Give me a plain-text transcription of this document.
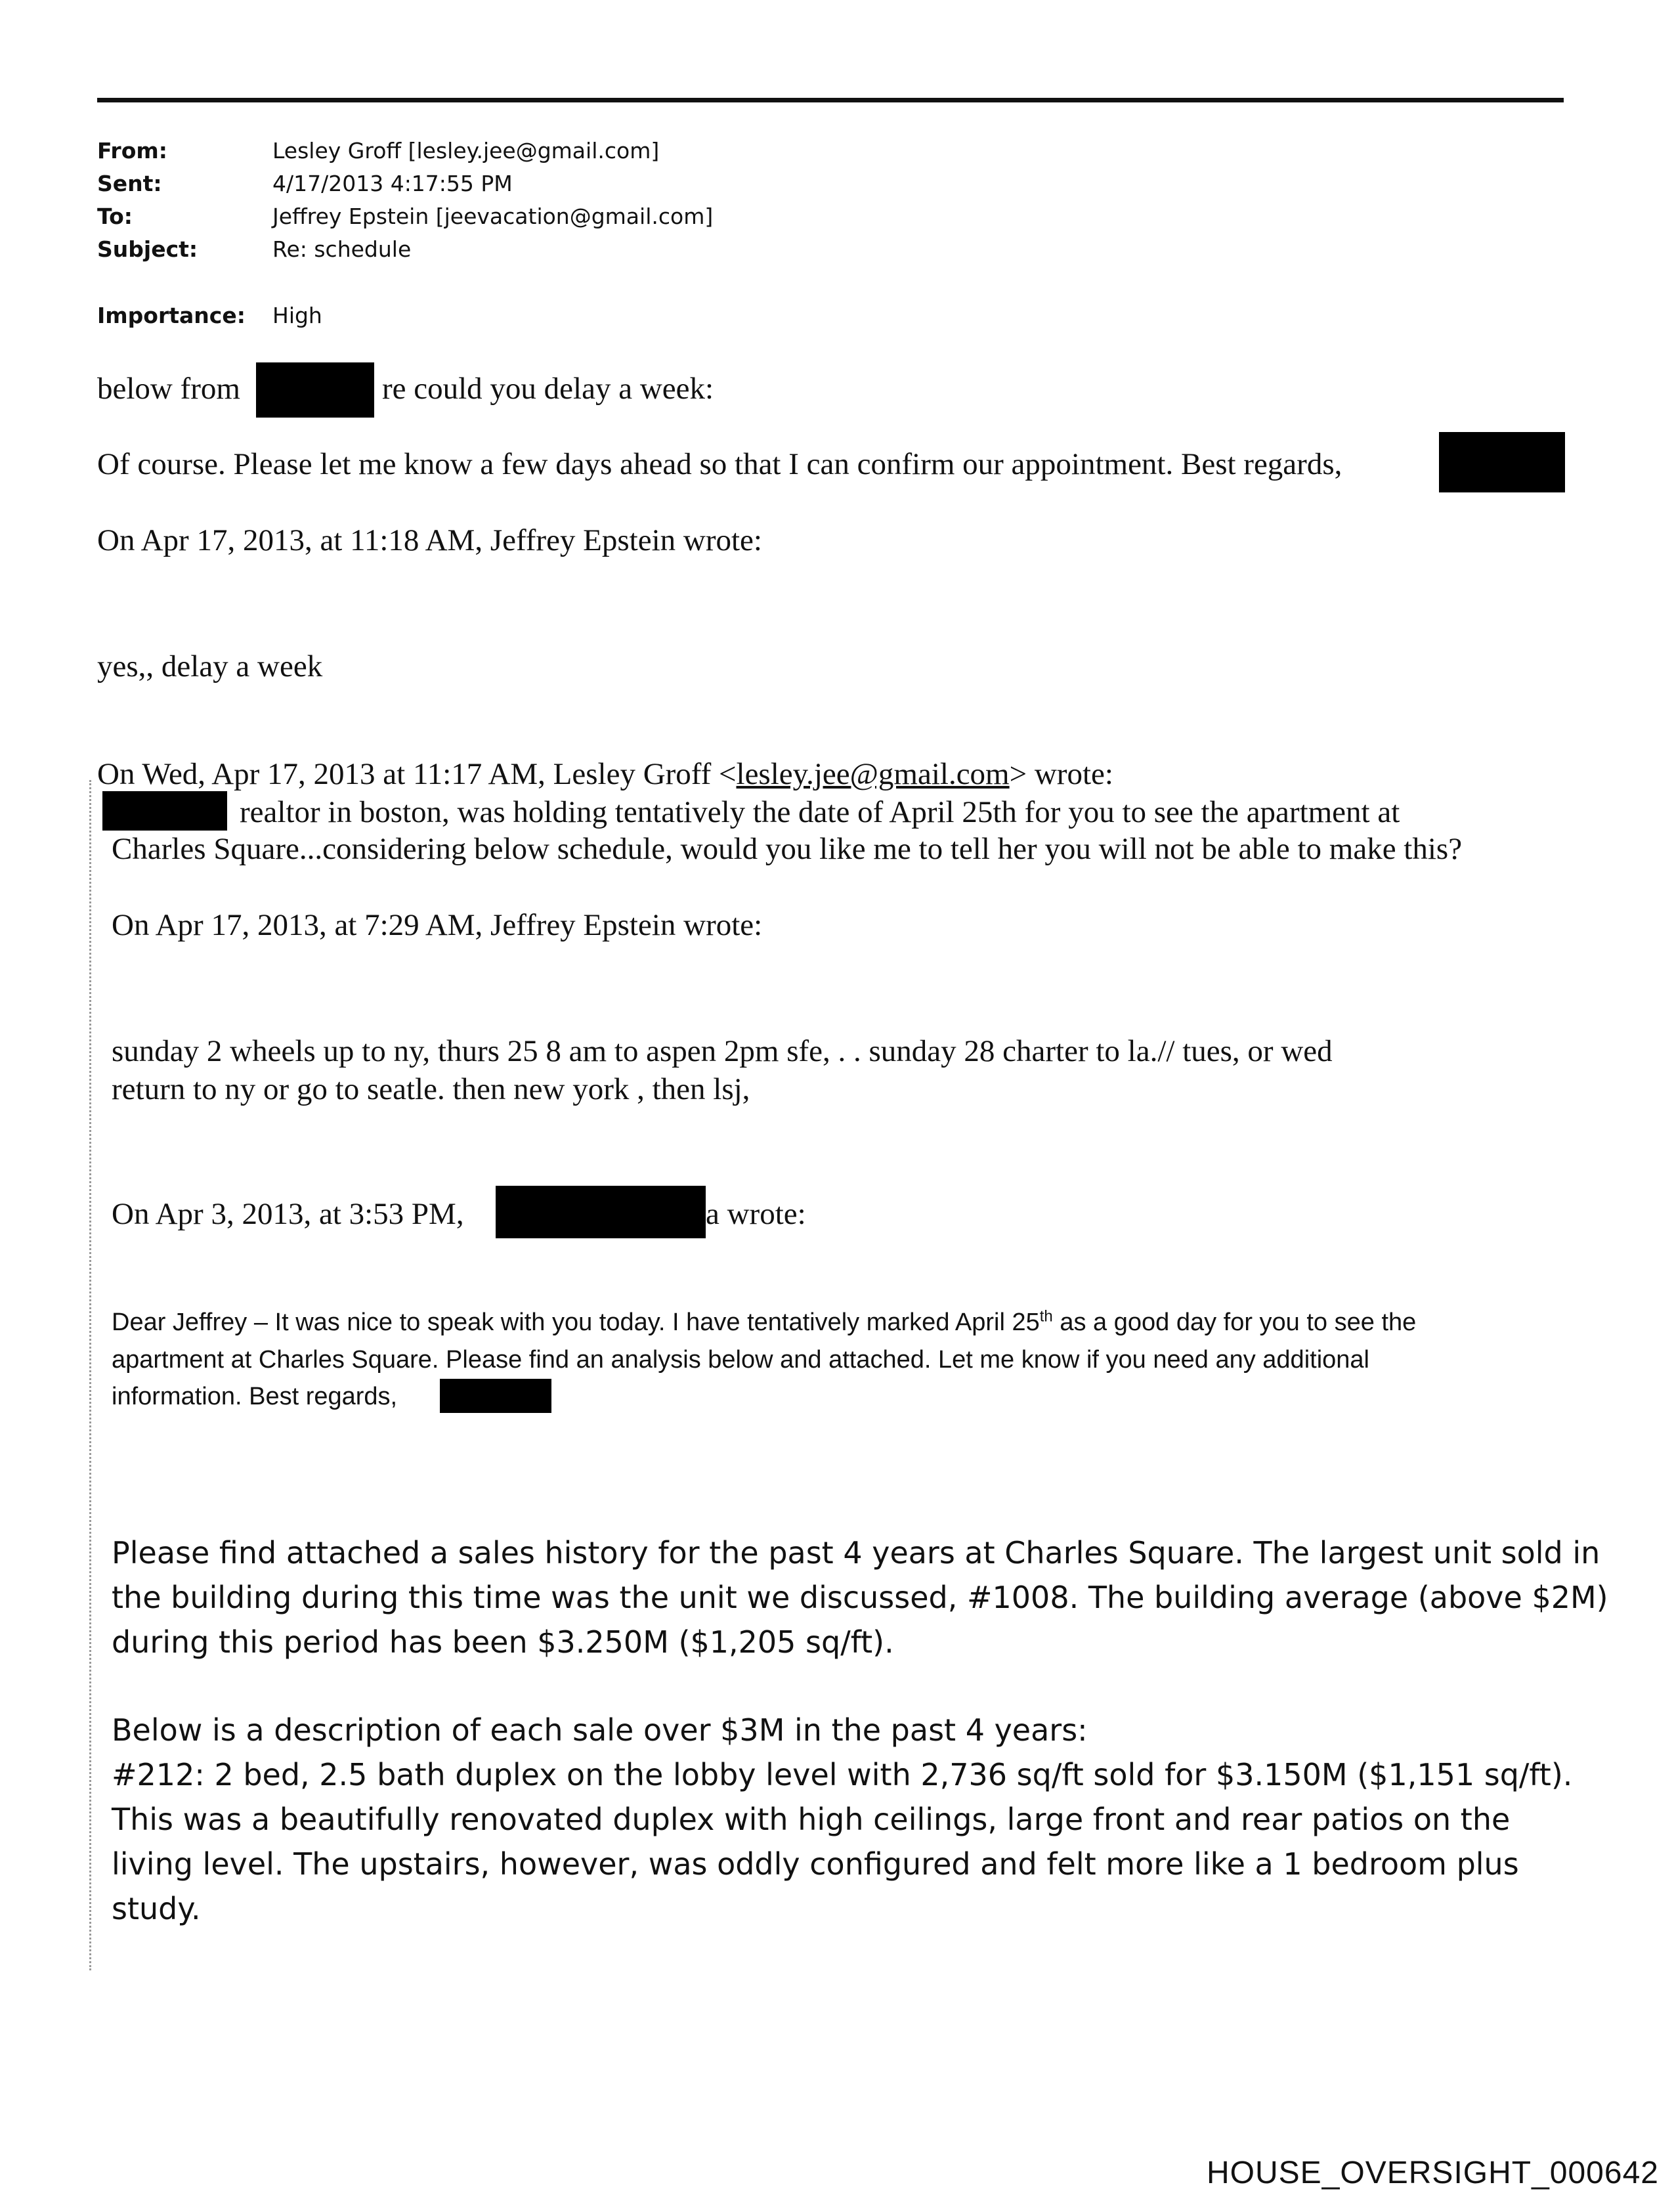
From:	Lesley Groff [lesley.jee@gmail.com]
Sent:	4/17/2013 4:17:55 PM
To:	Jeffrey Epstein [jeevacation@gmail.com]
Subject:	Re: schedule
Importance: High
below from	re could you delay a week:
Of course. Please let me know a few days ahead so that I can confirm our appointment. Best regards,
On Apr 17, 2013, at 11:18 AM, Jeffrey Epstein wrote:
yes,, delay a week
On Wed, Apr 17, 2013 at 11:17 AM, Lesley Groff <lesley.jee@gmail.com> wrote:
realtor in boston, was holding tentatively the date of April 25th for you to see the apartment at
Charles Square...considering below schedule, would you like me to tell her you will not be able to make this?
On Apr 17, 2013, at 7:29 AM, Jeffrey Epstein wrote:
sunday 2 wheels up to ny, thurs 25 8 am to aspen 2pm sfe, . . sunday 28 charter to la.// tues, or wed
return to ny or go to seatle. then new york , then lsj,
On Apr 3, 2013, at 3:53 PM,	a wrote:
Dear Jeffrey – It was nice to speak with you today. I have tentatively marked April 25th as a good day for you to see the
apartment at Charles Square. Please find an analysis below and attached. Let me know if you need any additional
information. Best regards,
Please find attached a sales history for the past 4 years at Charles Square. The largest unit sold in
the building during this time was the unit we discussed, #1008. The building average (above $2M)
during this period has been $3.250M ($1,205 sq/ft).
Below is a description of each sale over $3M in the past 4 years:
#212: 2 bed, 2.5 bath duplex on the lobby level with 2,736 sq/ft sold for $3.150M ($1,151 sq/ft).
This was a beautifully renovated duplex with high ceilings, large front and rear patios on the
living level. The upstairs, however, was oddly configured and felt more like a 1 bedroom plus
study.
HOUSE_OVERSIGHT_000642
